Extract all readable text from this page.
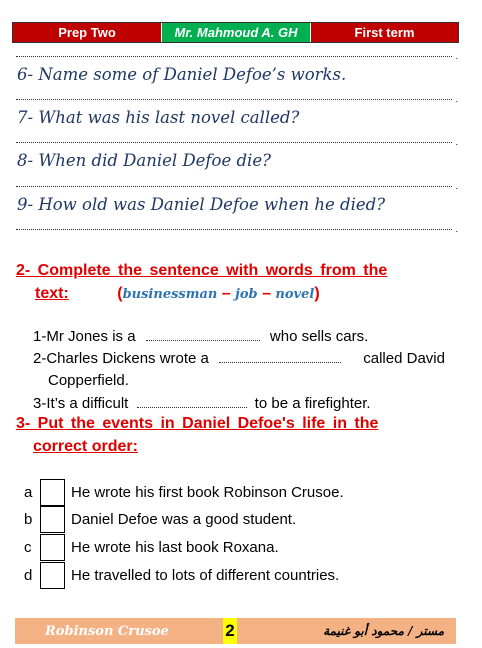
Prep Two	Mr. Mahmoud A. GH	First term
.
6- Name some of Daniel Defoe’s works.
.
7- What was his last novel called?
.
8- When did Daniel Defoe die?
.
9- How old was Daniel Defoe when he died?
.
2- Complete the sentence with words from the
text:	(businessman – job – novel)
1-Mr Jones is a	who sells cars.
2-Charles Dickens wrote a	called David
Copperfield.
3-It’s a difficult	to be a firefighter.
3- Put the events in Daniel Defoe's life in the
correct order:
a	He wrote his first book Robinson Crusoe.
b	Daniel Defoe was a good student.
c	He wrote his last book Roxana.
d	He travelled to lots of different countries.
Robinson Crusoe	2	مستر / محمود أبو غنيمة
